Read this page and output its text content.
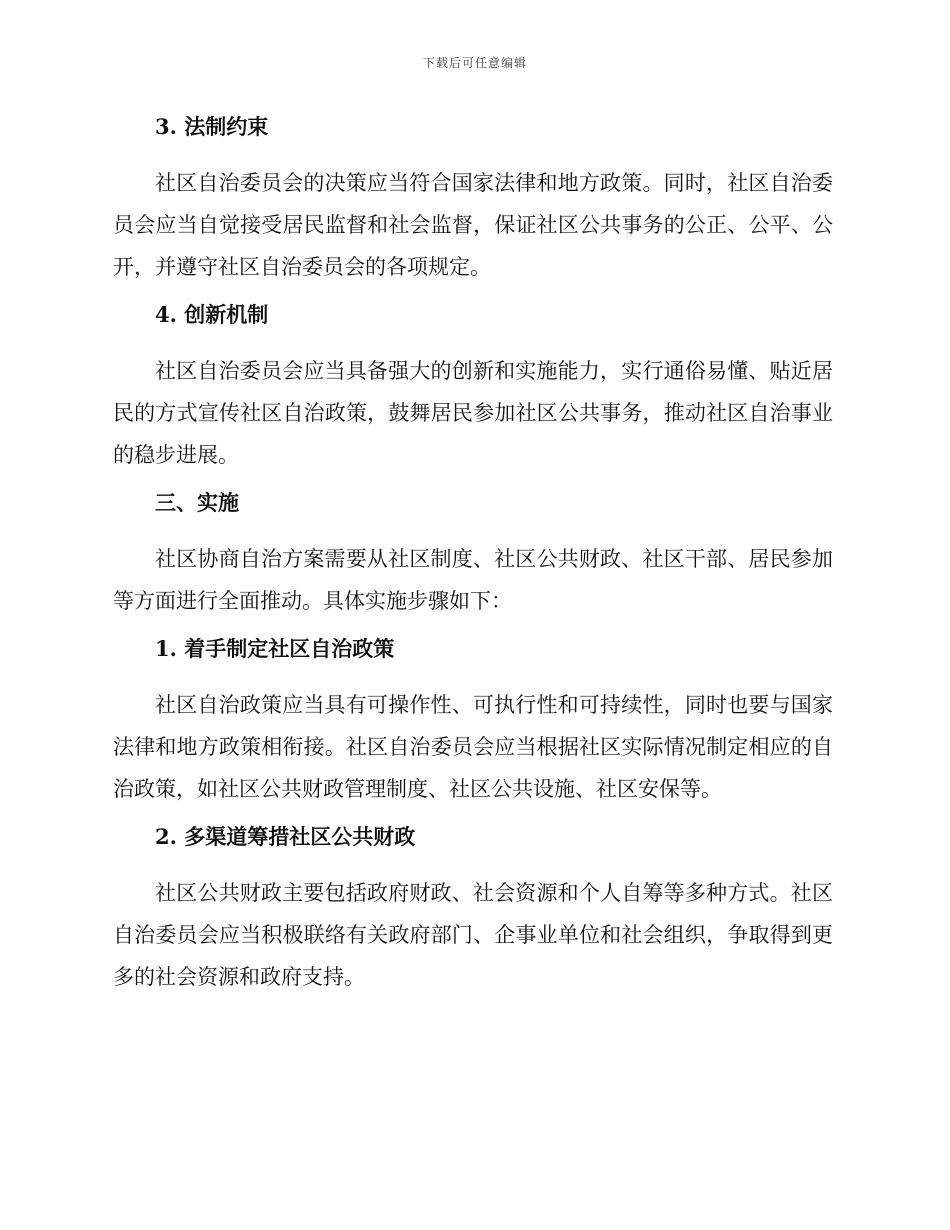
下载后可任意编辑
3. 法制约束

社区自治委员会的决策应当符合国家法律和地方政策。同时，社区自治委员会应当自觉接受居民监督和社会监督，保证社区公共事务的公正、公平、公开，并遵守社区自治委员会的各项规定。

4. 创新机制

社区自治委员会应当具备强大的创新和实施能力，实行通俗易懂、贴近居民的方式宣传社区自治政策，鼓舞居民参加社区公共事务，推动社区自治事业的稳步进展。

三、实施

社区协商自治方案需要从社区制度、社区公共财政、社区干部、居民参加等方面进行全面推动。具体实施步骤如下：

1. 着手制定社区自治政策

社区自治政策应当具有可操作性、可执行性和可持续性，同时也要与国家法律和地方政策相衔接。社区自治委员会应当根据社区实际情况制定相应的自治政策，如社区公共财政管理制度、社区公共设施、社区安保等。

2. 多渠道筹措社区公共财政

社区公共财政主要包括政府财政、社会资源和个人自筹等多种方式。社区自治委员会应当积极联络有关政府部门、企事业单位和社会组织，争取得到更多的社会资源和政府支持。
